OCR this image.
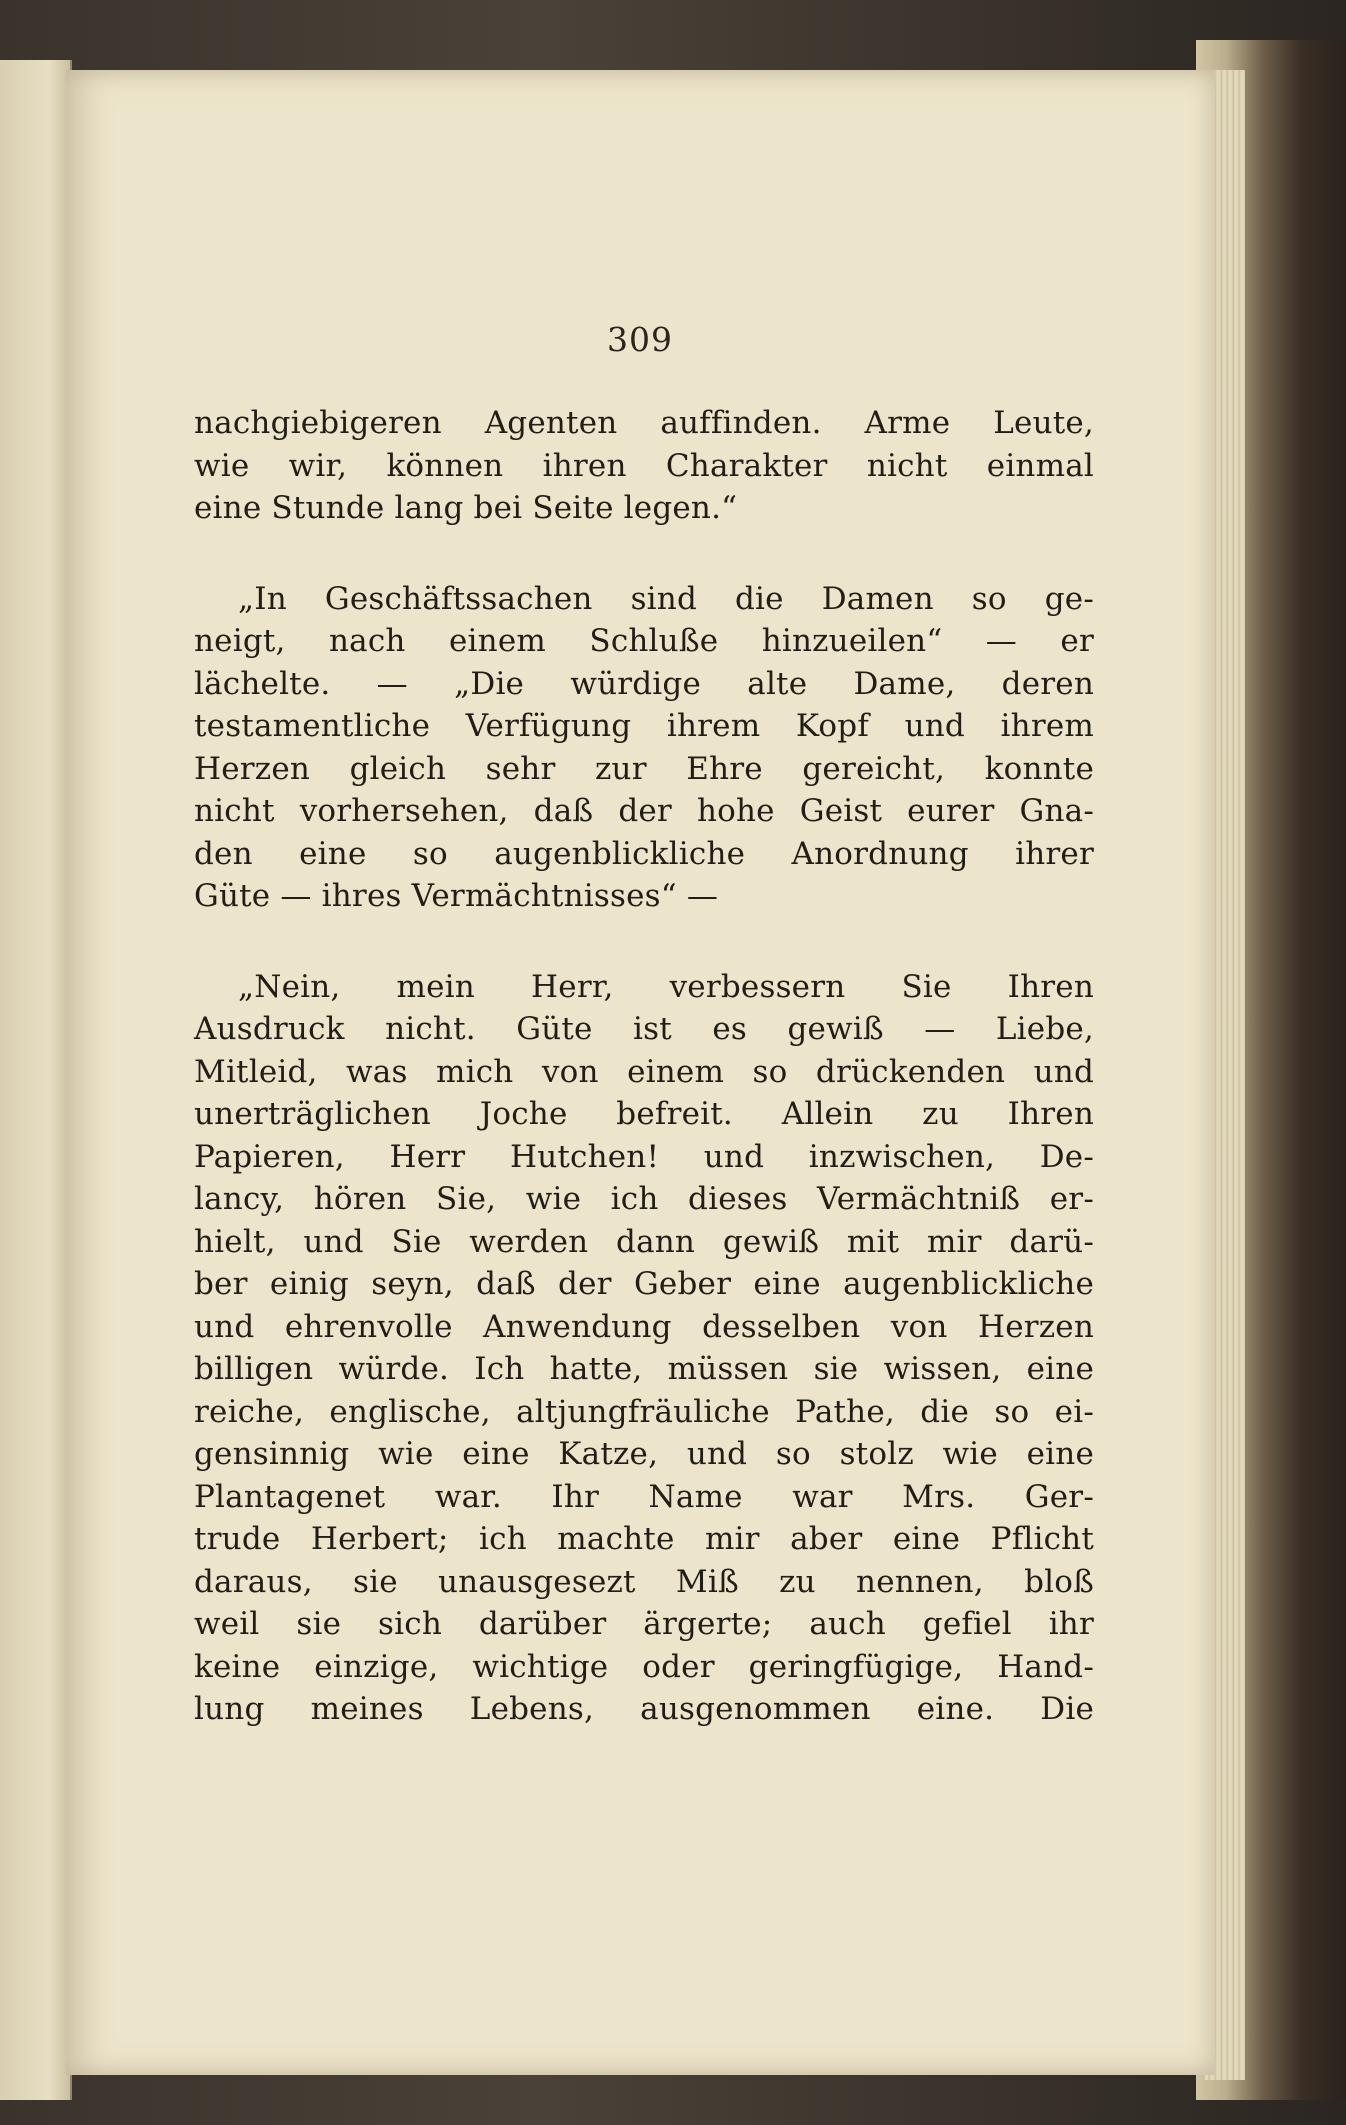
309

nachgiebigeren Agenten auffinden. Arme Leute,
wie wir, können ihren Charakter nicht einmal
eine Stunde lang bei Seite legen.“

„In Geschäftssachen sind die Damen so ge-
neigt, nach einem Schluße hinzueilen“ — er
lächelte. — „Die würdige alte Dame, deren
testamentliche Verfügung ihrem Kopf und ihrem
Herzen gleich sehr zur Ehre gereicht, konnte
nicht vorhersehen, daß der hohe Geist eurer Gna-
den eine so augenblickliche Anordnung ihrer
Güte — ihres Vermächtnisses“ —

„Nein, mein Herr, verbessern Sie Ihren
Ausdruck nicht. Güte ist es gewiß — Liebe,
Mitleid, was mich von einem so drückenden und
unerträglichen Joche befreit. Allein zu Ihren
Papieren, Herr Hutchen! und inzwischen, De-
lancy, hören Sie, wie ich dieses Vermächtniß er-
hielt, und Sie werden dann gewiß mit mir darü-
ber einig seyn, daß der Geber eine augenblickliche
und ehrenvolle Anwendung desselben von Herzen
billigen würde. Ich hatte, müssen sie wissen, eine
reiche, englische, altjungfräuliche Pathe, die so ei-
gensinnig wie eine Katze, und so stolz wie eine
Plantagenet war. Ihr Name war Mrs. Ger-
trude Herbert; ich machte mir aber eine Pflicht
daraus, sie unausgesezt Miß zu nennen, bloß
weil sie sich darüber ärgerte; auch gefiel ihr
keine einzige, wichtige oder geringfügige, Hand-
lung meines Lebens, ausgenommen eine. Die
